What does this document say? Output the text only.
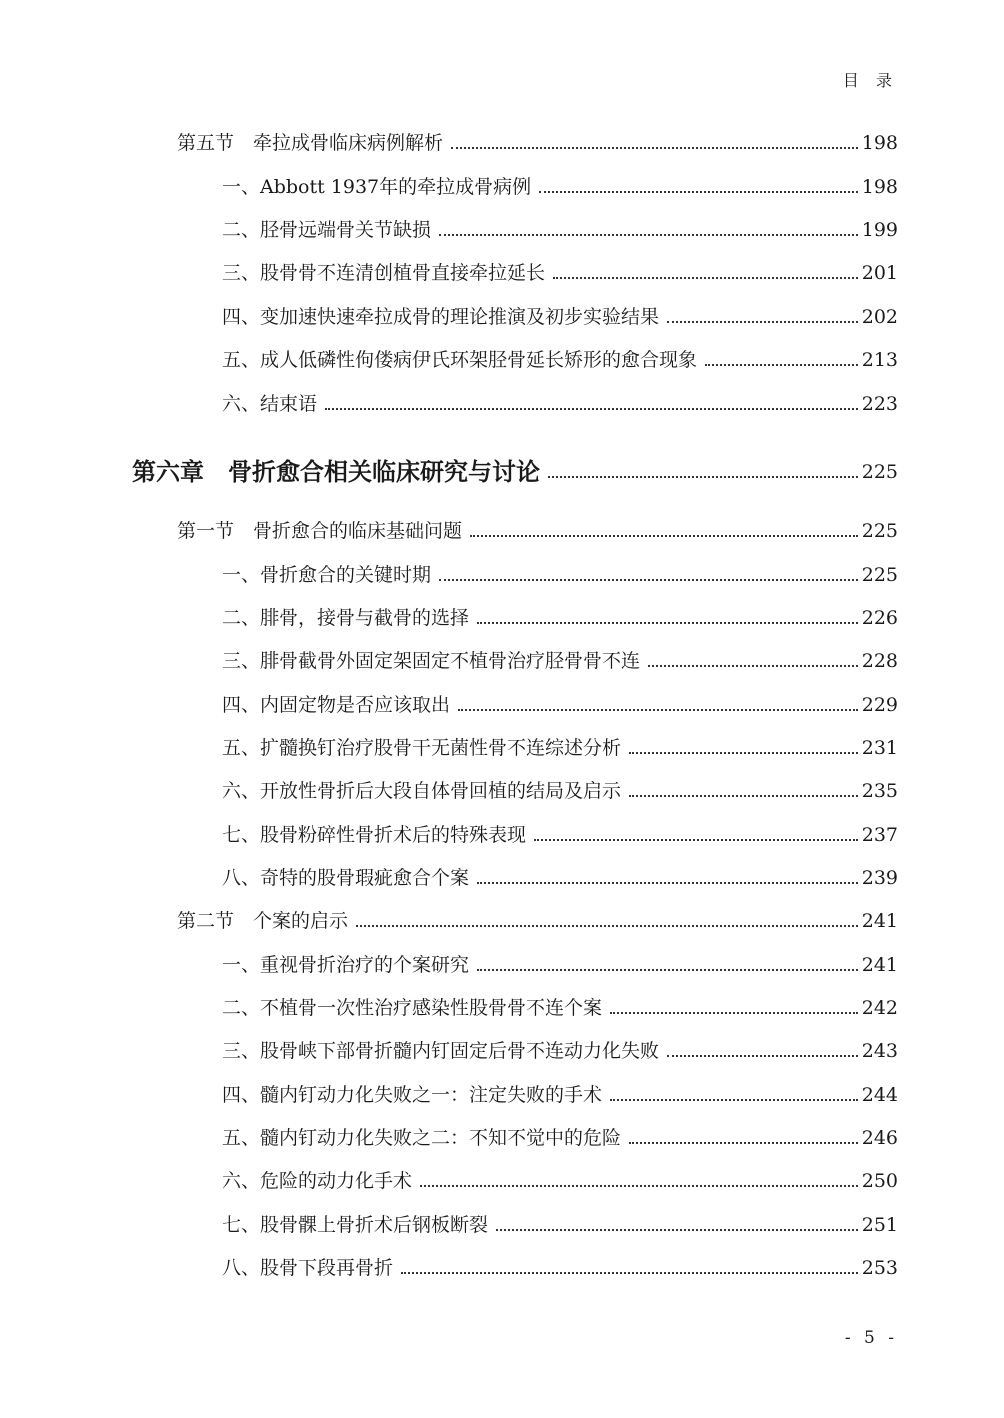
目 录
第五节　牵拉成骨临床病例解析	198
一、Abbott 1937年的牵拉成骨病例	198
二、胫骨远端骨关节缺损	199
三、股骨骨不连清创植骨直接牵拉延长	201
四、变加速快速牵拉成骨的理论推演及初步实验结果	202
五、成人低磷性佝偻病伊氏环架胫骨延长矫形的愈合现象	213
六、结束语	223
第六章　骨折愈合相关临床研究与讨论	225
第一节　骨折愈合的临床基础问题	225
一、骨折愈合的关键时期	225
二、腓骨，接骨与截骨的选择	226
三、腓骨截骨外固定架固定不植骨治疗胫骨骨不连	228
四、内固定物是否应该取出	229
五、扩髓换钉治疗股骨干无菌性骨不连综述分析	231
六、开放性骨折后大段自体骨回植的结局及启示	235
七、股骨粉碎性骨折术后的特殊表现	237
八、奇特的股骨瑕疵愈合个案	239
第二节　个案的启示	241
一、重视骨折治疗的个案研究	241
二、不植骨一次性治疗感染性股骨骨不连个案	242
三、股骨峡下部骨折髓内钉固定后骨不连动力化失败	243
四、髓内钉动力化失败之一：注定失败的手术	244
五、髓内钉动力化失败之二：不知不觉中的危险	246
六、危险的动力化手术	250
七、股骨髁上骨折术后钢板断裂	251
八、股骨下段再骨折	253
- 5 -
